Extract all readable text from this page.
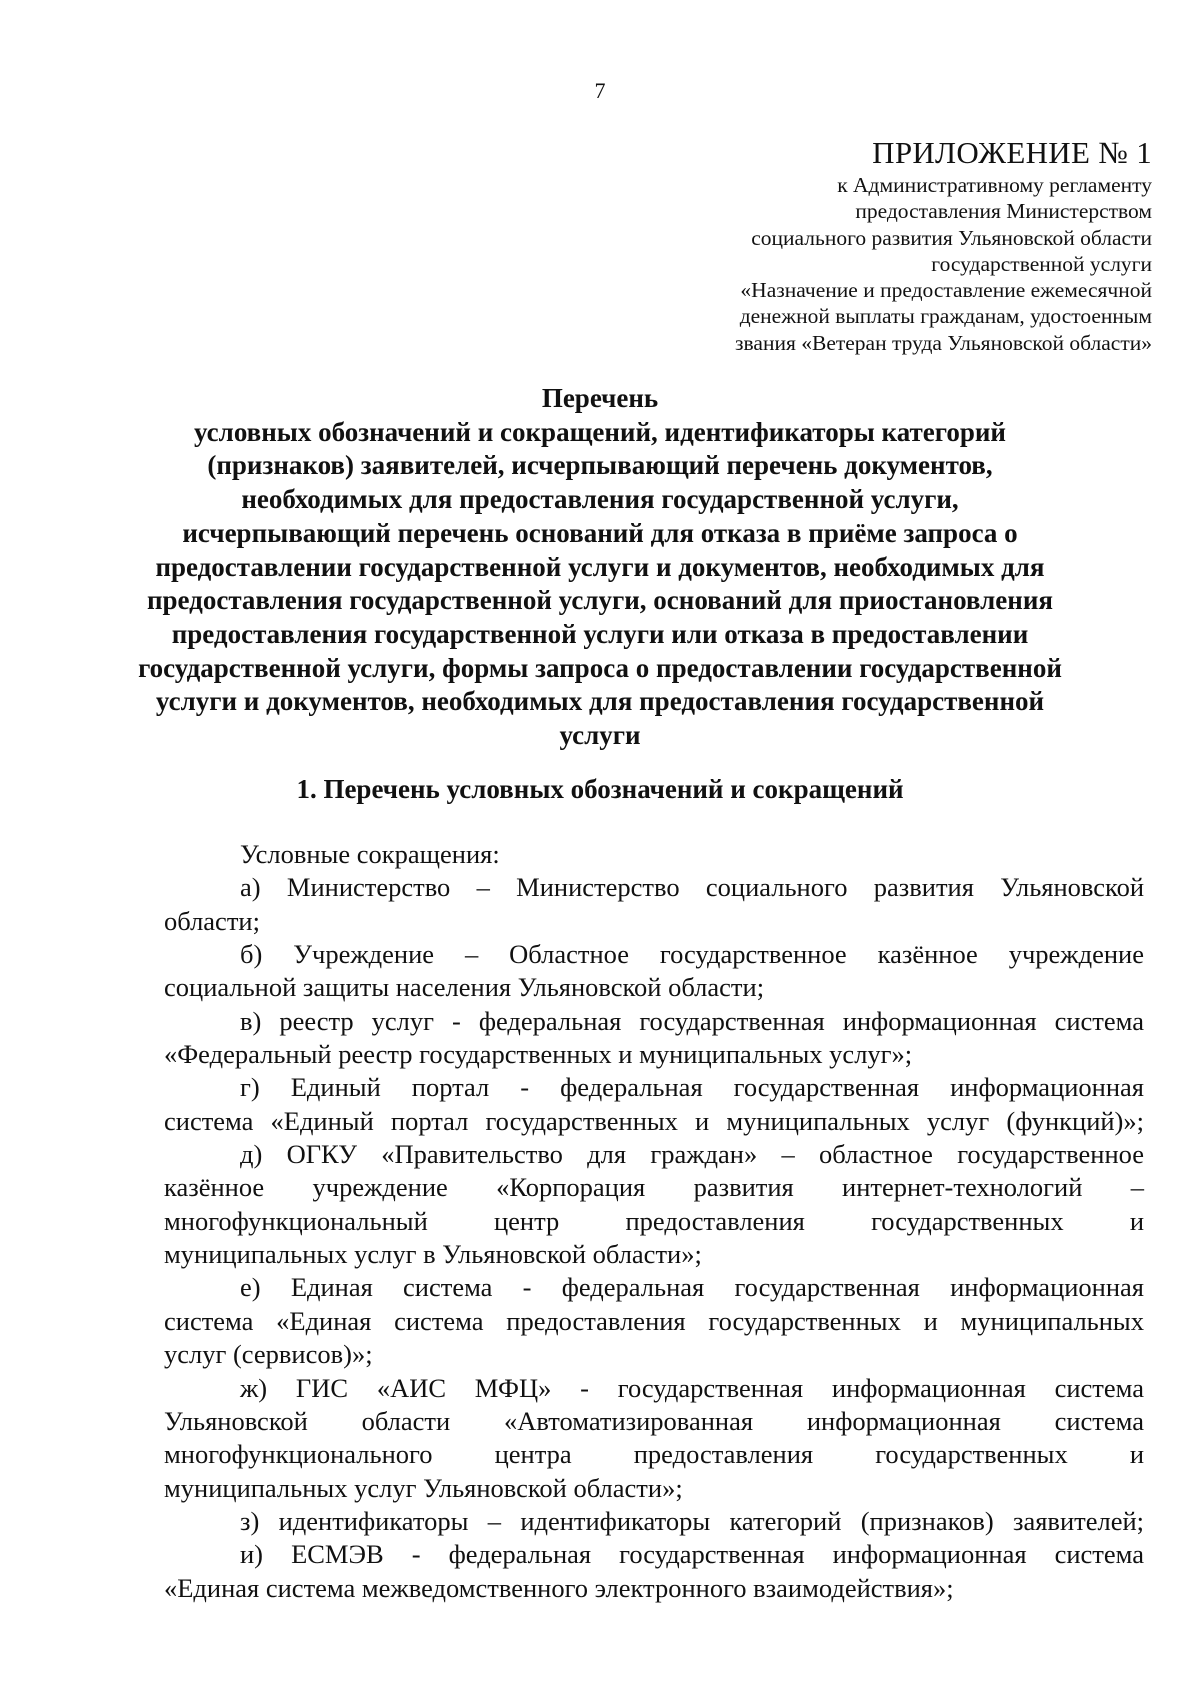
7
ПРИЛОЖЕНИЕ № 1
к Административному регламенту
предоставления Министерством
социального развития Ульяновской области
государственной услуги
«Назначение и предоставление ежемесячной
денежной выплаты гражданам, удостоенным
звания «Ветеран труда Ульяновской области»
Перечень
условных обозначений и сокращений, идентификаторы категорий
(признаков) заявителей, исчерпывающий перечень документов,
необходимых для предоставления государственной услуги,
исчерпывающий перечень оснований для отказа в приёме запроса о
предоставлении государственной услуги и документов, необходимых для
предоставления государственной услуги, оснований для приостановления
предоставления государственной услуги или отказа в предоставлении
государственной услуги, формы запроса о предоставлении государственной
услуги и документов, необходимых для предоставления государственной
услуги
1. Перечень условных обозначений и сокращений
Условные сокращения:
а) Министерство – Министерство социального развития Ульяновской
области;
б) Учреждение – Областное государственное казённое учреждение
социальной защиты населения Ульяновской области;
в) реестр услуг - федеральная государственная информационная система
«Федеральный реестр государственных и муниципальных услуг»;
г) Единый портал - федеральная государственная информационная
система «Единый портал государственных и муниципальных услуг (функций)»;
д) ОГКУ «Правительство для граждан» – областное государственное
казённое учреждение «Корпорация развития интернет-технологий –
многофункциональный центр предоставления государственных и
муниципальных услуг в Ульяновской области»;
е) Единая система - федеральная государственная информационная
система «Единая система предоставления государственных и муниципальных
услуг (сервисов)»;
ж) ГИС «АИС МФЦ» - государственная информационная система
Ульяновской области «Автоматизированная информационная система
многофункционального центра предоставления государственных и
муниципальных услуг Ульяновской области»;
з) идентификаторы – идентификаторы категорий (признаков) заявителей;
и) ЕСМЭВ - федеральная государственная информационная система
«Единая система межведомственного электронного взаимодействия»;
